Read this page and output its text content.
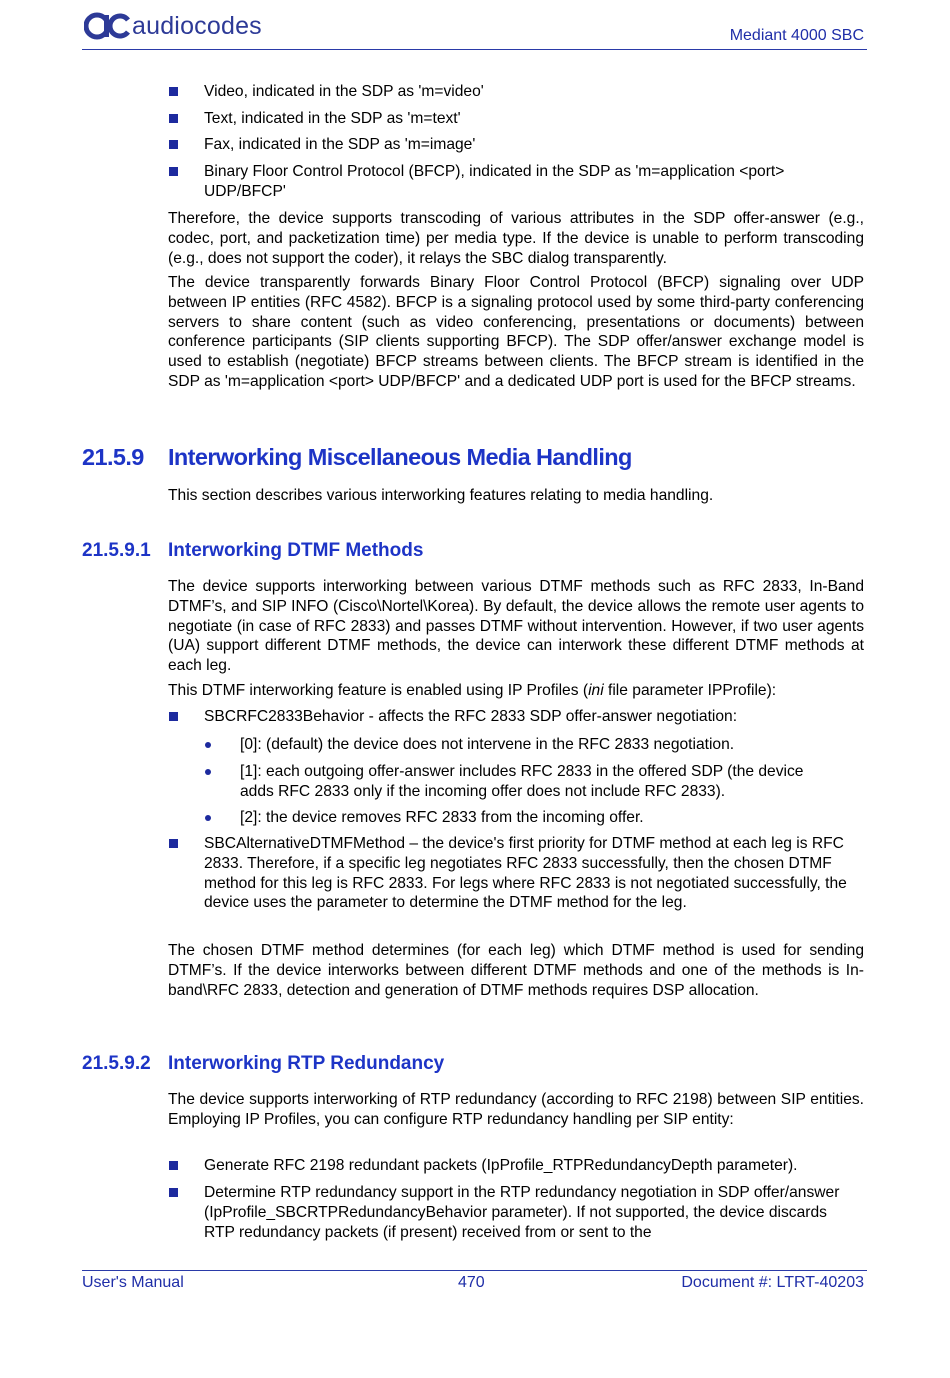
audiocodes	Mediant 4000 SBC
Video, indicated in the SDP as 'm=video'
Text, indicated in the SDP as 'm=text'
Fax, indicated in the SDP as 'm=image'
Binary Floor Control Protocol (BFCP), indicated in the SDP as 'm=application <port> UDP/BFCP'
Therefore, the device supports transcoding of various attributes in the SDP offer-answer (e.g., codec, port, and packetization time) per media type. If the device is unable to perform transcoding (e.g., does not support the coder), it relays the SBC dialog transparently.
The device transparently forwards Binary Floor Control Protocol (BFCP) signaling over UDP between IP entities (RFC 4582). BFCP is a signaling protocol used by some third-party conferencing servers to share content (such as video conferencing, presentations or documents) between conference participants (SIP clients supporting BFCP). The SDP offer/answer exchange model is used to establish (negotiate) BFCP streams between clients. The BFCP stream is identified in the SDP as 'm=application <port> UDP/BFCP' and a dedicated UDP port is used for the BFCP streams.
21.5.9 Interworking Miscellaneous Media Handling
This section describes various interworking features relating to media handling.
21.5.9.1 Interworking DTMF Methods
The device supports interworking between various DTMF methods such as RFC 2833, In-Band DTMF’s, and SIP INFO (Cisco\Nortel\Korea). By default, the device allows the remote user agents to negotiate (in case of RFC 2833) and passes DTMF without intervention. However, if two user agents (UA) support different DTMF methods, the device can interwork these different DTMF methods at each leg.
This DTMF interworking feature is enabled using IP Profiles (ini file parameter IPProfile):
SBCRFC2833Behavior - affects the RFC 2833 SDP offer-answer negotiation:
[0]: (default) the device does not intervene in the RFC 2833 negotiation.
[1]: each outgoing offer-answer includes RFC 2833 in the offered SDP (the device adds RFC 2833 only if the incoming offer does not include RFC 2833).
[2]: the device removes RFC 2833 from the incoming offer.
SBCAlternativeDTMFMethod – the device's first priority for DTMF method at each leg is RFC 2833. Therefore, if a specific leg negotiates RFC 2833 successfully, then the chosen DTMF method for this leg is RFC 2833. For legs where RFC 2833 is not negotiated successfully, the device uses the parameter to determine the DTMF method for the leg.
The chosen DTMF method determines (for each leg) which DTMF method is used for sending DTMF’s. If the device interworks between different DTMF methods and one of the methods is In-band\RFC 2833, detection and generation of DTMF methods requires DSP allocation.
21.5.9.2 Interworking RTP Redundancy
The device supports interworking of RTP redundancy (according to RFC 2198) between SIP entities. Employing IP Profiles, you can configure RTP redundancy handling per SIP entity:
Generate RFC 2198 redundant packets (IpProfile_RTPRedundancyDepth parameter).
Determine RTP redundancy support in the RTP redundancy negotiation in SDP offer/answer (IpProfile_SBCRTPRedundancyBehavior parameter). If not supported, the device discards RTP redundancy packets (if present) received from or sent to the
User's Manual	470	Document #: LTRT-40203
